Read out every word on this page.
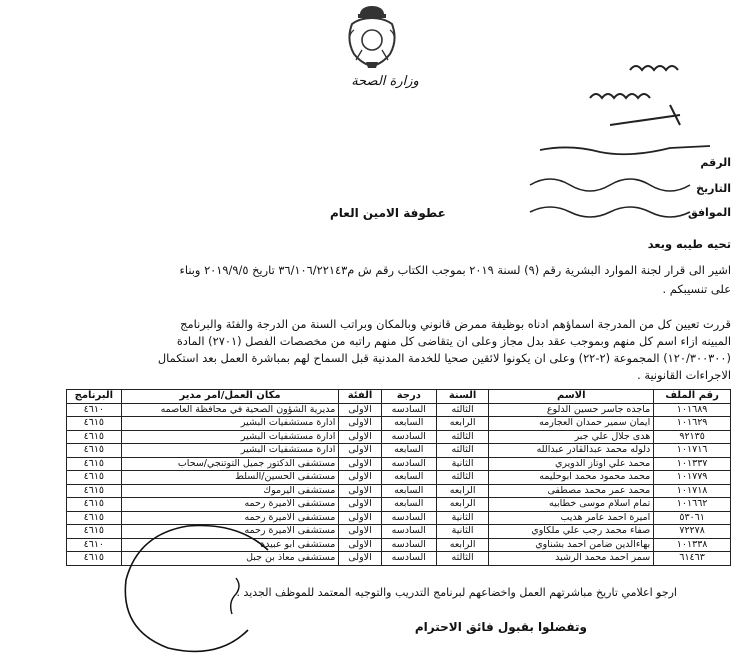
وزارة الصحة
الرقم
التاريخ
الموافق
عطوفة الامين العام
تحيه طيبه وبعد
اشير الى قرار لجنة الموارد البشرية رقم (٩) لسنة ٢٠١٩ بموجب الكتاب رقم ش م٣٦/١٠٦/٢٢١٤٣ تاريخ ٢٠١٩/٩/٥ وبناء
على تنسيبكم .
قررت تعيين كل من المدرجة اسماؤهم ادناه بوظيفة ممرض قانوني وبالمكان وبراتب السنة من الدرجة والفئة والبرنامج
المبينه ازاء اسم كل منهم وبموجب عقد بدل مجاز وعلى ان يتقاضى كل منهم راتبه من مخصصات الفصل (٢٧٠١) المادة
(١٢٠/٣٠٠٣٠٠) المجموعة (٢-٢٢) وعلى ان يكونوا لائقين صحيا للخدمة المدنية قبل السماح لهم بمباشرة العمل بعد استكمال
الاجراءات القانونية .
رقم الملف	الاسم	السنة	درجة	الفئة	مكان العمل/امر مدير	البرنامج
١٠١٦٨٩	ماجده جاسر حسين الدلوع	الثالثه	السادسه	الاولى	مديرية الشؤون الصحية في محافظة العاصمه	٤٦١٠
١٠١٦٢٩	ايمان سمير حمدان العجارمه	الرابعه	السابعه	الاولى	ادارة مستشفيات البشير	٤٦١٥
٩٢١٣٥	هدى جلال علي جبر	الثالثه	السادسه	الاولى	ادارة مستشفيات البشير	٤٦١٥
١٠١٧١٦	دلوله محمد عبدالقادر عبدالله	الثالثه	السابعه	الاولى	ادارة مستشفيات البشير	٤٦١٥
١٠١٣٣٧	محمد علي اوتاز الدويري	الثانية	السادسه	الاولى	مستشفى الدكتور جميل التوتنجي/سحاب	٤٦١٥
١٠١٧٧٩	محمد محمود محمد ابوحليمه	الثالثه	السابعه	الاولى	مستشفى الحسين/السلط	٤٦١٥
١٠١٧١٨	محمد عمر محمد مصطفى	الرابعه	السابعه	الاولى	مستشفى اليرموك	٤٦١٥
١٠١٦٦٢	تمام اسلام موسى خطابيه	الرابعه	السابعه	الاولى	مستشفى الاميرة رحمه	٤٦١٥
٥٣٠٦١	اميرة احمد عامر هديب	الثانية	السادسه	الاولى	مستشفى الاميرة رحمه	٤٦١٥
٧٢٢٧٨	صفاء محمد رجب علي ملكاوي	الثانية	السادسه	الاولى	مستشفى الاميرة رحمه	٤٦١٥
١٠١٣٣٨	بهاءالدين ضامن احمد بشناوي	الرابعه	السادسه	الاولى	مستشفى ابو عبيدة	٤٦١٠
٦١٤٦٣	سمر احمد محمد الرشيد	الثالثه	السادسه	الاولى	مستشفى معاذ بن جبل	٤٦١٥
ارجو اعلامي تاريخ مباشرتهم العمل واخضاعهم لبرنامج التدريب والتوجيه المعتمد للموظف الجديد .
وتفضلوا بقبول فائق الاحترام
